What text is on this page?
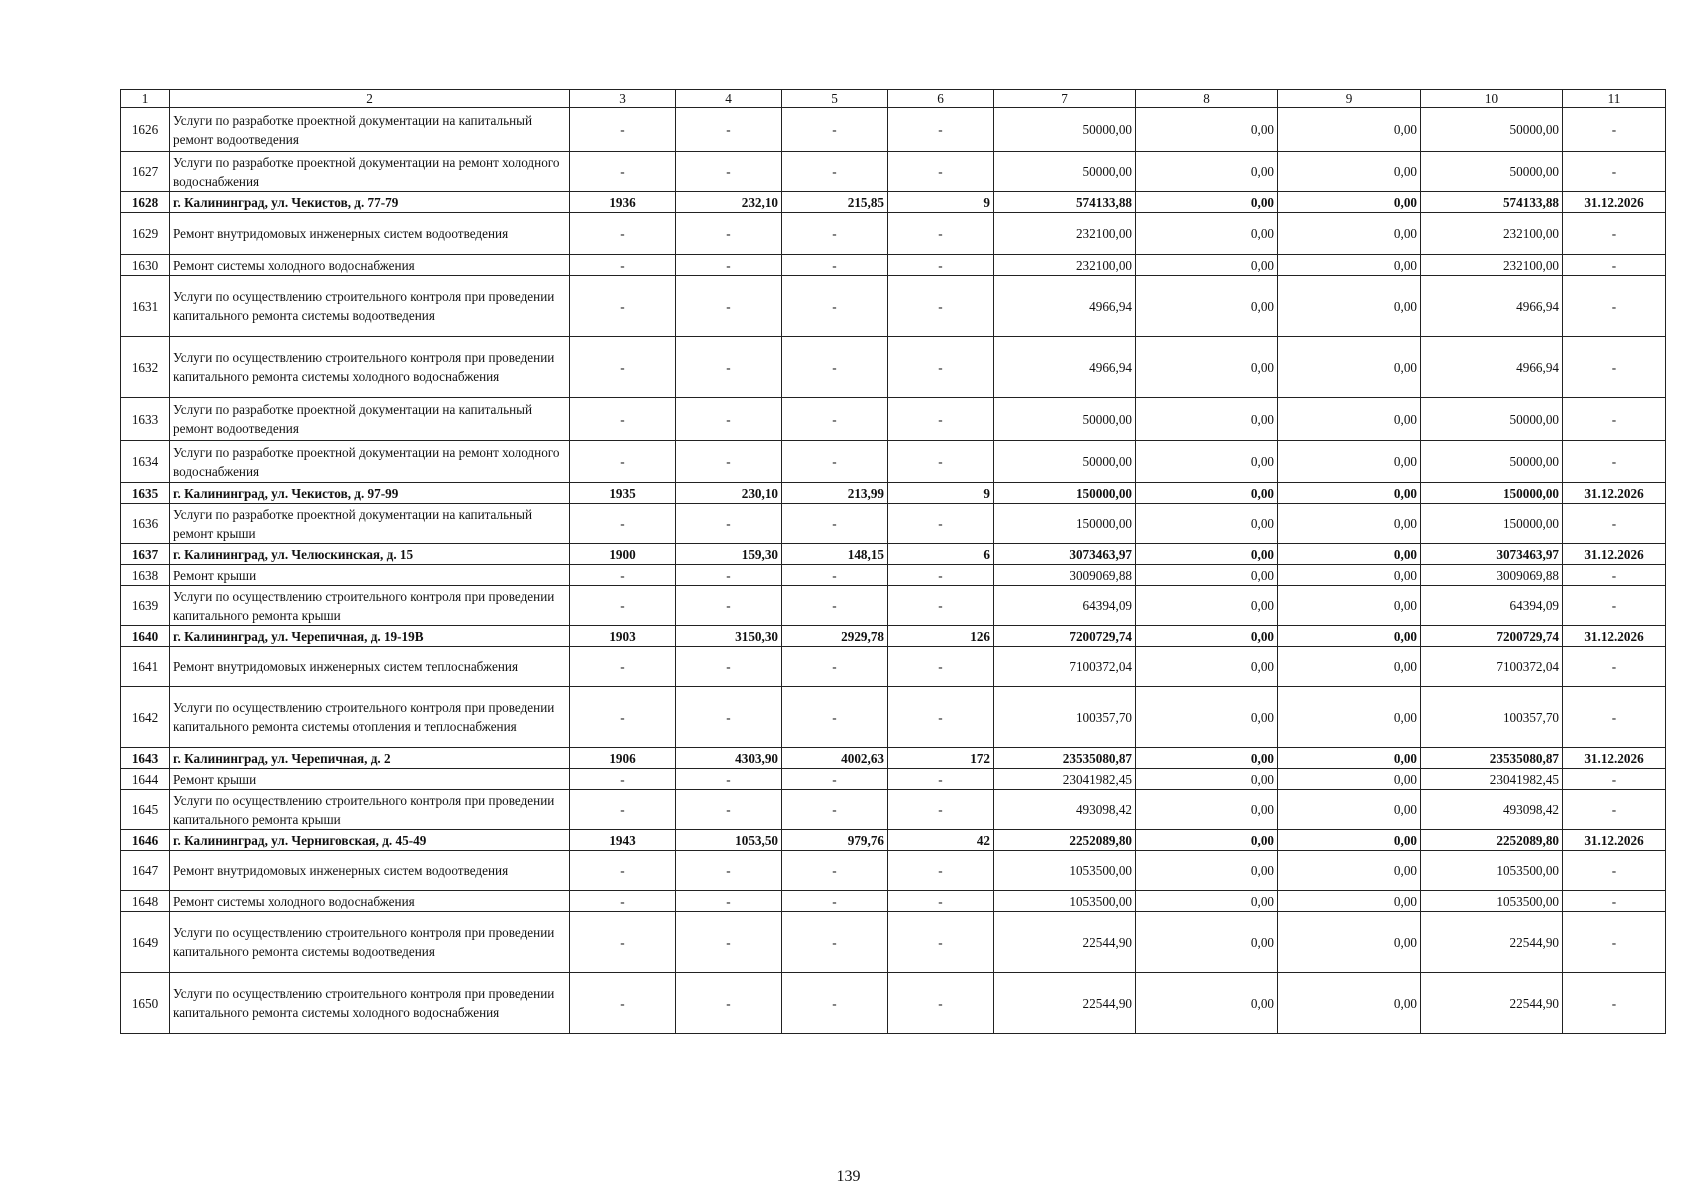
1	2	3	4	5	6	7	8	9	10	11
1626	Услуги по разработке проектной документации на капитальный ремонт водоотведения	-	-	-	-	50000,00	0,00	0,00	50000,00	-
1627	Услуги по разработке проектной документации на ремонт холодного водоснабжения	-	-	-	-	50000,00	0,00	0,00	50000,00	-
1628	г. Калининград, ул. Чекистов, д. 77-79	1936	232,10	215,85	9	574133,88	0,00	0,00	574133,88	31.12.2026
1629	Ремонт внутридомовых инженерных систем водоотведения	-	-	-	-	232100,00	0,00	0,00	232100,00	-
1630	Ремонт системы холодного водоснабжения	-	-	-	-	232100,00	0,00	0,00	232100,00	-
1631	Услуги по осуществлению строительного контроля при проведении капитального ремонта системы водоотведения	-	-	-	-	4966,94	0,00	0,00	4966,94	-
1632	Услуги по осуществлению строительного контроля при проведении капитального ремонта системы холодного водоснабжения	-	-	-	-	4966,94	0,00	0,00	4966,94	-
1633	Услуги по разработке проектной документации на капитальный ремонт водоотведения	-	-	-	-	50000,00	0,00	0,00	50000,00	-
1634	Услуги по разработке проектной документации на ремонт холодного водоснабжения	-	-	-	-	50000,00	0,00	0,00	50000,00	-
1635	г. Калининград, ул. Чекистов, д. 97-99	1935	230,10	213,99	9	150000,00	0,00	0,00	150000,00	31.12.2026
1636	Услуги по разработке проектной документации на капитальный ремонт крыши	-	-	-	-	150000,00	0,00	0,00	150000,00	-
1637	г. Калининград, ул. Челюскинская, д. 15	1900	159,30	148,15	6	3073463,97	0,00	0,00	3073463,97	31.12.2026
1638	Ремонт крыши	-	-	-	-	3009069,88	0,00	0,00	3009069,88	-
1639	Услуги по осуществлению строительного контроля при проведении капитального ремонта крыши	-	-	-	-	64394,09	0,00	0,00	64394,09	-
1640	г. Калининград, ул. Черепичная, д. 19-19В	1903	3150,30	2929,78	126	7200729,74	0,00	0,00	7200729,74	31.12.2026
1641	Ремонт внутридомовых инженерных систем теплоснабжения	-	-	-	-	7100372,04	0,00	0,00	7100372,04	-
1642	Услуги по осуществлению строительного контроля при проведении капитального ремонта системы отопления и теплоснабжения	-	-	-	-	100357,70	0,00	0,00	100357,70	-
1643	г. Калининград, ул. Черепичная, д. 2	1906	4303,90	4002,63	172	23535080,87	0,00	0,00	23535080,87	31.12.2026
1644	Ремонт крыши	-	-	-	-	23041982,45	0,00	0,00	23041982,45	-
1645	Услуги по осуществлению строительного контроля при проведении капитального ремонта крыши	-	-	-	-	493098,42	0,00	0,00	493098,42	-
1646	г. Калининград, ул. Черниговская, д. 45-49	1943	1053,50	979,76	42	2252089,80	0,00	0,00	2252089,80	31.12.2026
1647	Ремонт внутридомовых инженерных систем водоотведения	-	-	-	-	1053500,00	0,00	0,00	1053500,00	-
1648	Ремонт системы холодного водоснабжения	-	-	-	-	1053500,00	0,00	0,00	1053500,00	-
1649	Услуги по осуществлению строительного контроля при проведении капитального ремонта системы водоотведения	-	-	-	-	22544,90	0,00	0,00	22544,90	-
1650	Услуги по осуществлению строительного контроля при проведении капитального ремонта системы холодного водоснабжения	-	-	-	-	22544,90	0,00	0,00	22544,90	-
139
